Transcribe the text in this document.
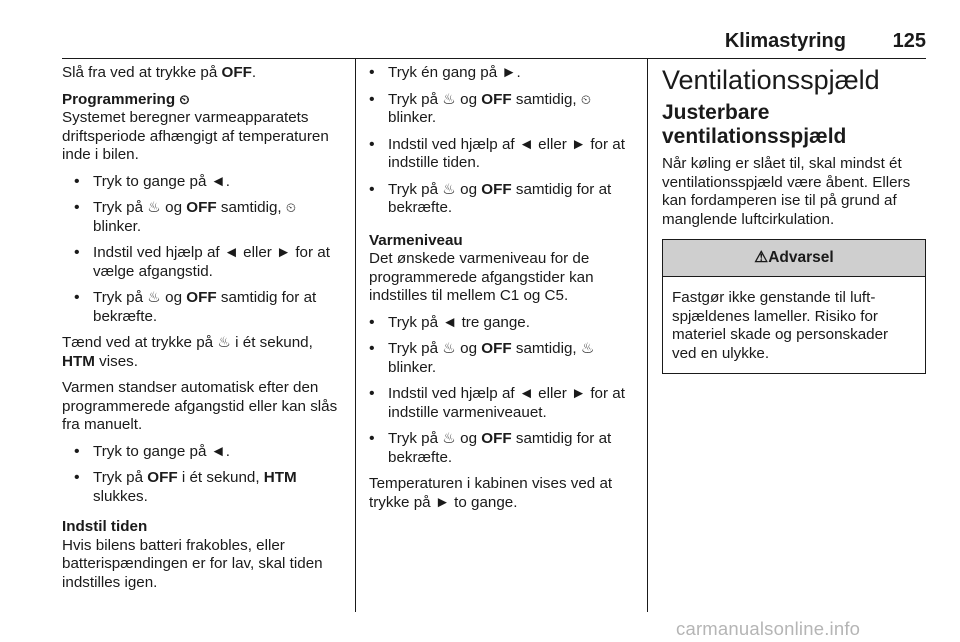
Klimastyring 125

Slå fra ved at trykke på OFF.

Programmering ⏲

Systemet beregner varmeapparatets driftsperiode afhængigt af temperaturen inde i bilen.

• Tryk to gange på ◄.
• Tryk på ♨ og OFF samtidig, ⏲
blinker.
• Indstil ved hjælp af ◄ eller ► for at vælge afgangstid.
• Tryk på ♨ og OFF samtidig for at bekræfte.

Tænd ved at trykke på ♨ i ét sekund, HTM vises.

Varmen standser automatisk efter den programmerede afgangstid eller kan slås fra manuelt.

• Tryk to gange på ◄.
• Tryk på OFF i ét sekund, HTM
slukkes.
Indstil tiden

Hvis bilens batteri frakobles, eller batterispændingen er for lav, skal tiden indstilles igen.

• Tryk én gang på ►.
• Tryk på ♨ og OFF samtidig, ⏲
blinker.
• Indstil ved hjælp af ◄ eller ► for at indstille tiden.
• Tryk på ♨ og OFF samtidig for at bekræfte.
Varmeniveau

Det ønskede varmeniveau for de programmerede afgangstider kan indstilles til mellem C1 og C5.

• Tryk på ◄ tre gange.
• Tryk på ♨ og OFF samtidig, ♨
blinker.
• Indstil ved hjælp af ◄ eller ► for at indstille varmeniveauet.
• Tryk på ♨ og OFF samtidig for at bekræfte.

Temperaturen i kabinen vises ved at trykke på ► to gange.

Ventilationsspjæld
Justerbare ventilationsspjæld

Når køling er slået til, skal mindst ét ventilationsspjæld være åbent. Ellers kan fordamperen ise til på grund af manglende luftcirkulation.

⚠Advarsel
Fastgør ikke genstande til luftspjældenes lameller. Risiko for materiel skade og personskader ved en ulykke.
carmanualsonline.info
